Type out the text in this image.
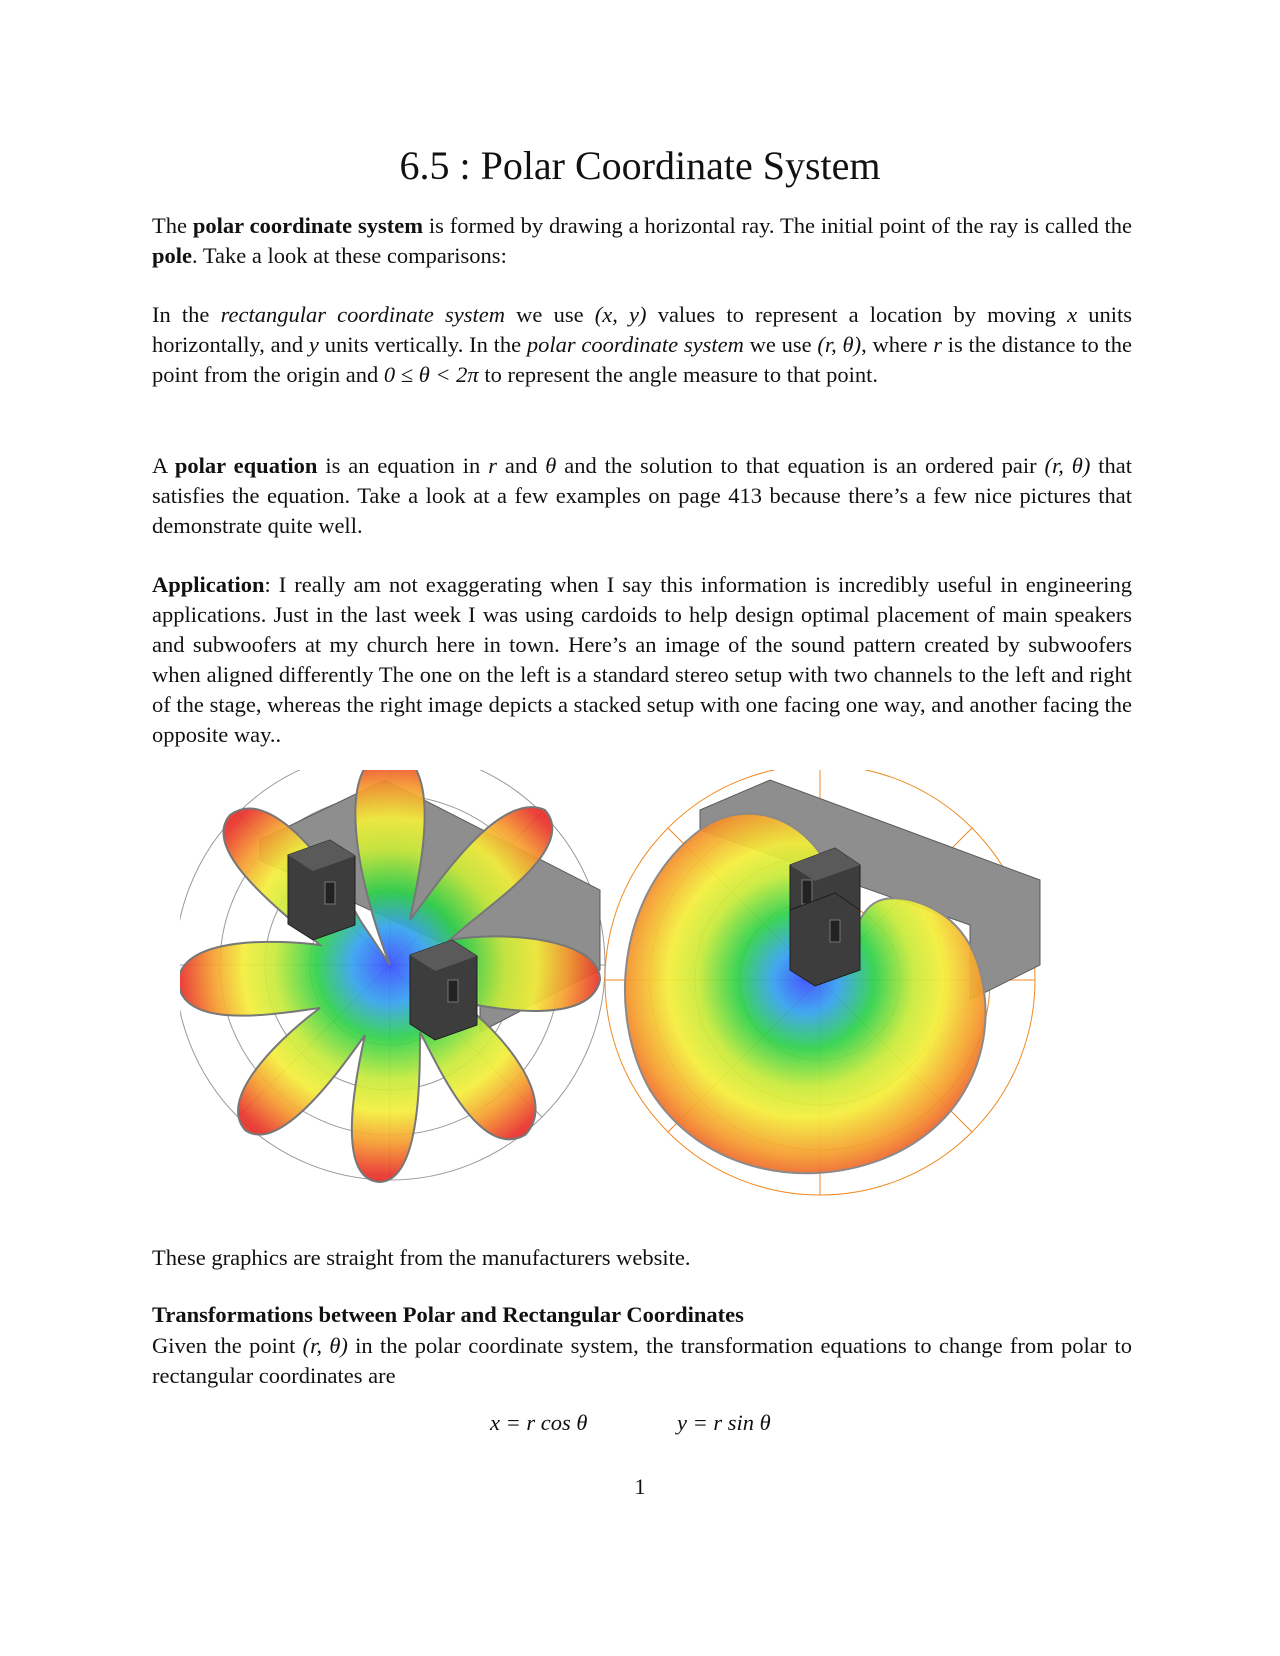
6.5 : Polar Coordinate System

The polar coordinate system is formed by drawing a horizontal ray. The initial point of the ray is called the pole. Take a look at these comparisons:

In the rectangular coordinate system we use (x, y) values to represent a location by moving x units horizontally, and y units vertically. In the polar coordinate system we use (r, θ), where r is the distance to the point from the origin and 0 ≤ θ < 2π to represent the angle measure to that point.

A polar equation is an equation in r and θ and the solution to that equation is an ordered pair (r, θ) that satisfies the equation. Take a look at a few examples on page 413 because there’s a few nice pictures that demonstrate quite well.

Application: I really am not exaggerating when I say this information is incredibly useful in engineering applications. Just in the last week I was using cardoids to help design optimal placement of main speakers and subwoofers at my church here in town. Here’s an image of the sound pattern created by subwoofers when aligned differently The one on the left is a standard stereo setup with two channels to the left and right of the stage, whereas the right image depicts a stacked setup with one facing one way, and another facing the opposite way..

These graphics are straight from the manufacturers website.

Transformations between Polar and Rectangular Coordinates

Given the point (r, θ) in the polar coordinate system, the transformation equations to change from polar to rectangular coordinates are

x = r cos θ	y = r sin θ
1
